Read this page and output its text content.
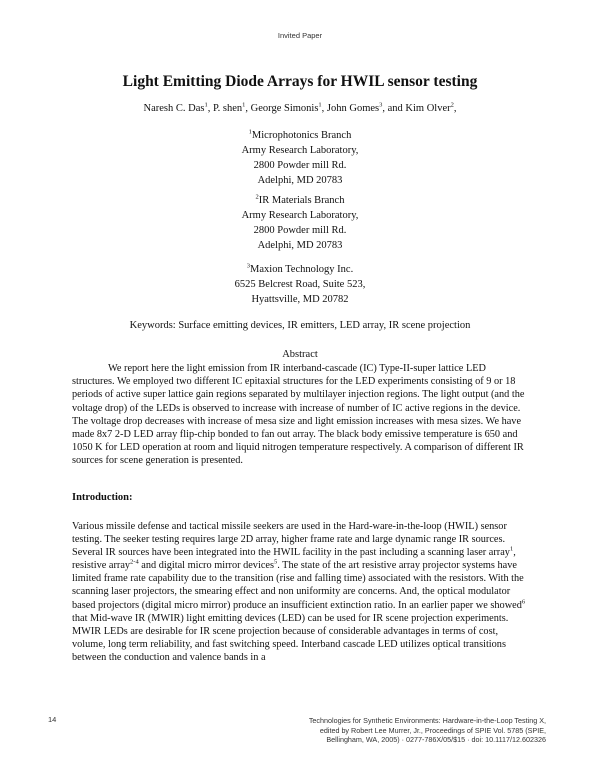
Invited Paper
Light Emitting Diode Arrays for HWIL sensor testing
Naresh C. Das$^1$, P. shen$^1$, George Simonis$^1$, John Gomes$^3$, and Kim Olver$^2$,
$^1$Microphotonics Branch
Army Research Laboratory,
2800 Powder mill Rd.
Adelphi, MD 20783
$^2$IR Materials Branch
Army Research Laboratory,
2800 Powder mill Rd.
Adelphi, MD 20783
$^3$Maxion Technology Inc.
6525 Belcrest Road, Suite 523,
Hyattsville, MD 20782
Keywords: Surface emitting devices, IR emitters, LED array, IR scene projection
Abstract

We report here the light emission from IR interband-cascade (IC) Type-II-super lattice LED structures. We employed two different IC epitaxial structures for the LED experiments consisting of 9 or 18 periods of active super lattice gain regions separated by multilayer injection regions. The light output (and the voltage drop) of the LEDs is observed to increase with increase of number of IC active regions in the device. The voltage drop decreases with increase of mesa size and light emission increases with mesa sizes. We have made 8x7 2-D LED array flip-chip bonded to fan out array. The black body emissive temperature is 650 and 1050 K for LED operation at room and liquid nitrogen temperature respectively. A comparison of different IR sources for scene generation is presented.

Introduction:

Various missile defense and tactical missile seekers are used in the Hard-ware-in-the-loop (HWIL) sensor testing. The seeker testing requires large 2D array, higher frame rate and large dynamic range IR sources. Several IR sources have been integrated into the HWIL facility in the past including a scanning laser array$^1$, resistive array$^{2-4}$ and digital micro mirror devices$^5$. The state of the art resistive array projector systems have limited frame rate capability due to the transition (rise and falling time) associated with the resistors. With the scanning laser projectors, the smearing effect and non uniformity are concerns. And, the optical modulator based projectors (digital micro mirror) produce an insufficient extinction ratio. In an earlier paper we showed$^6$ that Mid-wave IR (MWIR) light emitting devices (LED) can be used for IR scene projection experiments. MWIR LEDs are desirable for IR scene projection because of considerable advantages in terms of cost, volume, long term reliability, and fast switching speed. Interband cascade LED utilizes optical transitions between the conduction and valence bands in a

14	Technologies for Synthetic Environments: Hardware-in-the-Loop Testing X,
edited by Robert Lee Murrer, Jr., Proceedings of SPIE Vol. 5785 (SPIE,
Bellingham, WA, 2005) · 0277-786X/05/$15 · doi: 10.1117/12.602326
